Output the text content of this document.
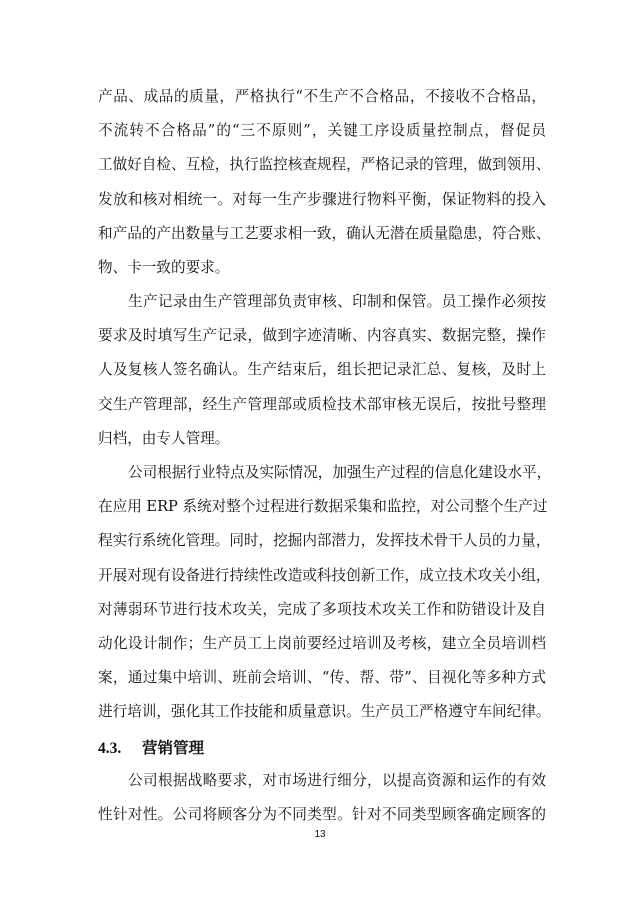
产品、成品的质量，严格执行“不生产不合格品，不接收不合格品，
不流转不合格品”的“三不原则”，关键工序设质量控制点，督促员
工做好自检、互检，执行监控核查规程，严格记录的管理，做到领用、
发放和核对相统一。对每一生产步骤进行物料平衡，保证物料的投入
和产品的产出数量与工艺要求相一致，确认无潜在质量隐患，符合账、
物、卡一致的要求。
生产记录由生产管理部负责审核、印制和保管。员工操作必须按
要求及时填写生产记录，做到字迹清晰、内容真实、数据完整，操作
人及复核人签名确认。生产结束后，组长把记录汇总、复核，及时上
交生产管理部，经生产管理部或质检技术部审核无误后，按批号整理
归档，由专人管理。
公司根据行业特点及实际情况，加强生产过程的信息化建设水平，
在应用 ERP 系统对整个过程进行数据采集和监控，对公司整个生产过
程实行系统化管理。同时，挖掘内部潜力，发挥技术骨干人员的力量，
开展对现有设备进行持续性改造或科技创新工作，成立技术攻关小组，
对薄弱环节进行技术攻关，完成了多项技术攻关工作和防错设计及自
动化设计制作；生产员工上岗前要经过培训及考核，建立全员培训档
案，通过集中培训、班前会培训、“传、帮、带”、目视化等多种方式
进行培训，强化其工作技能和质量意识。生产员工严格遵守车间纪律。
4.3. 营销管理
公司根据战略要求，对市场进行细分，以提高资源和运作的有效
性针对性。公司将顾客分为不同类型。针对不同类型顾客确定顾客的
13
